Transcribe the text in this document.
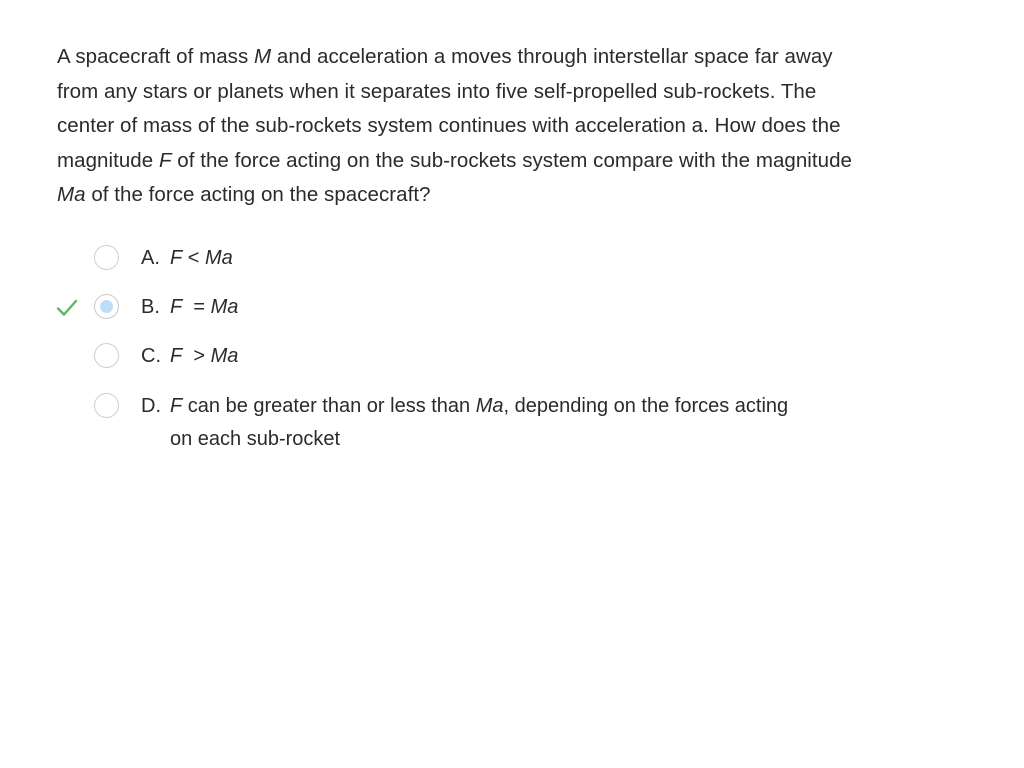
A spacecraft of mass M and acceleration a moves through interstellar space far away
from any stars or planets when it separates into five self-propelled sub-rockets. The
center of mass of the sub-rockets system continues with acceleration a. How does the
magnitude F of the force acting on the sub-rockets system compare with the magnitude
Ma of the force acting on the spacecraft?
A. F < Ma
B. F  = Ma
C. F  > Ma
D. F can be greater than or less than Ma, depending on the forces acting
on each sub-rocket
